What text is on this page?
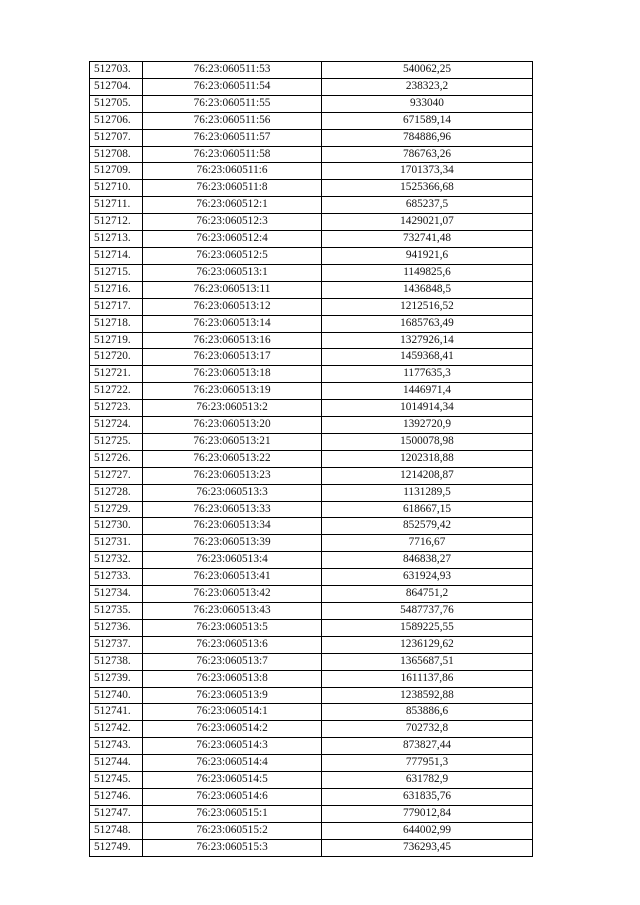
512703.	76:23:060511:53	540062,25
512704.	76:23:060511:54	238323,2
512705.	76:23:060511:55	933040
512706.	76:23:060511:56	671589,14
512707.	76:23:060511:57	784886,96
512708.	76:23:060511:58	786763,26
512709.	76:23:060511:6	1701373,34
512710.	76:23:060511:8	1525366,68
512711.	76:23:060512:1	685237,5
512712.	76:23:060512:3	1429021,07
512713.	76:23:060512:4	732741,48
512714.	76:23:060512:5	941921,6
512715.	76:23:060513:1	1149825,6
512716.	76:23:060513:11	1436848,5
512717.	76:23:060513:12	1212516,52
512718.	76:23:060513:14	1685763,49
512719.	76:23:060513:16	1327926,14
512720.	76:23:060513:17	1459368,41
512721.	76:23:060513:18	1177635,3
512722.	76:23:060513:19	1446971,4
512723.	76:23:060513:2	1014914,34
512724.	76:23:060513:20	1392720,9
512725.	76:23:060513:21	1500078,98
512726.	76:23:060513:22	1202318,88
512727.	76:23:060513:23	1214208,87
512728.	76:23:060513:3	1131289,5
512729.	76:23:060513:33	618667,15
512730.	76:23:060513:34	852579,42
512731.	76:23:060513:39	7716,67
512732.	76:23:060513:4	846838,27
512733.	76:23:060513:41	631924,93
512734.	76:23:060513:42	864751,2
512735.	76:23:060513:43	5487737,76
512736.	76:23:060513:5	1589225,55
512737.	76:23:060513:6	1236129,62
512738.	76:23:060513:7	1365687,51
512739.	76:23:060513:8	1611137,86
512740.	76:23:060513:9	1238592,88
512741.	76:23:060514:1	853886,6
512742.	76:23:060514:2	702732,8
512743.	76:23:060514:3	873827,44
512744.	76:23:060514:4	777951,3
512745.	76:23:060514:5	631782,9
512746.	76:23:060514:6	631835,76
512747.	76:23:060515:1	779012,84
512748.	76:23:060515:2	644002,99
512749.	76:23:060515:3	736293,45
